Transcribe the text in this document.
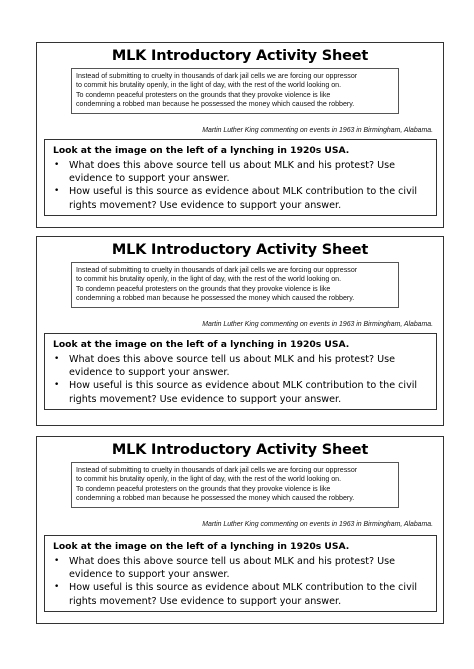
MLK Introductory Activity Sheet
Instead of submitting to cruelty in thousands of dark jail cells we are forcing our oppressor
to commit his brutality openly, in the light of day, with the rest of the world looking on.
To condemn peaceful protesters on the grounds that they provoke violence is like
condemning a robbed man because he possessed the money which caused the robbery.
Martin Luther King commenting on events in 1963 in Birmingham, Alabama.
Look at the image on the left of a lynching in 1920s USA.
• What does this above source tell us about MLK and his protest? Use evidence to support your answer.
• How useful is this source as evidence about MLK contribution to the civil rights movement? Use evidence to support your answer.
MLK Introductory Activity Sheet
Instead of submitting to cruelty in thousands of dark jail cells we are forcing our oppressor
to commit his brutality openly, in the light of day, with the rest of the world looking on.
To condemn peaceful protesters on the grounds that they provoke violence is like
condemning a robbed man because he possessed the money which caused the robbery.
Martin Luther King commenting on events in 1963 in Birmingham, Alabama.
Look at the image on the left of a lynching in 1920s USA.
• What does this above source tell us about MLK and his protest? Use evidence to support your answer.
• How useful is this source as evidence about MLK contribution to the civil rights movement? Use evidence to support your answer.
MLK Introductory Activity Sheet
Instead of submitting to cruelty in thousands of dark jail cells we are forcing our oppressor
to commit his brutality openly, in the light of day, with the rest of the world looking on.
To condemn peaceful protesters on the grounds that they provoke violence is like
condemning a robbed man because he possessed the money which caused the robbery.
Martin Luther King commenting on events in 1963 in Birmingham, Alabama.
Look at the image on the left of a lynching in 1920s USA.
• What does this above source tell us about MLK and his protest? Use evidence to support your answer.
• How useful is this source as evidence about MLK contribution to the civil rights movement? Use evidence to support your answer.
